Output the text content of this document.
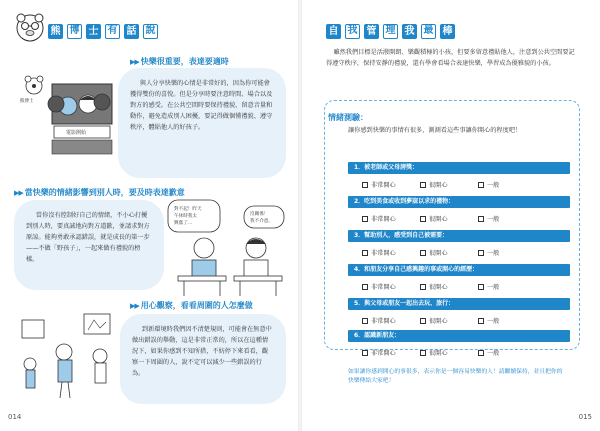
熊 博 士 有 話 說
▶▶ 快樂很重要，表達要適時

與人分享快樂的心情是非常好的，因為你可能會獲得雙份的喜悅。但是分享時要注意時間、場合以及對方的感受。在公共空間時要保持禮貌，留意音量和動作，避免造成別人困擾，要記得做個懂禮貌、遵守秩序，體貼他人的好孩子。

熊博士
電影開始
▶▶ 當快樂的情緒影響到別人時，要及時表達歉意

當你沒有控制好自己的情緒，不小心打擾到別人時，要真誠地向對方道歉，並請求對方原諒。能夠勇敢承認錯誤，就是成長的第一步——不做「野孩子」，一起來做有禮貌的榜樣。

對不起！昨天
午休時我太
興奮了…
沒關係！
我不介意。
▶▶ 用心觀察，看看周圍的人怎麼做

到新環境時我們因不清楚規則，可能會在無意中做出錯誤的舉動，這是非常正常的，所以在這種情況下，如果你感到不知所措，不妨停下來看看，觀察一下周圍的人，說不定可以減少一些錯誤的行為。

014
自 我 管 理 我 最 棒
雖然我們目標是活潑開朗、樂觀積極的小孩，但要多留意禮貼他人，注意到公共空間要記得遵守秩序，保持安靜的禮貌，還有學會看場合表達快樂，學習成為優雅貌的小孩。
情緒測驗：
讓你感到快樂的事情有很多，測測看這些事讓你開心的程度吧！
1．被老師或父母誇獎：
非常開心	很開心	一般
2．吃到美食或收到夢寐以求的禮物：
非常開心	很開心	一般
3．幫助別人，感受到自己被需要：
非常開心	很開心	一般
4．和朋友分享自己感興趣的事或開心的經歷：
非常開心	很開心	一般
5．與父母或朋友一起出去玩、旅行：
非常開心	很開心	一般
6．認識新朋友：
非常開心	很開心	一般
如果讓你感到開心的事很多，表示你是一個容易快樂的人！請繼續保持，並且把你的快樂傳給大家吧！
015
